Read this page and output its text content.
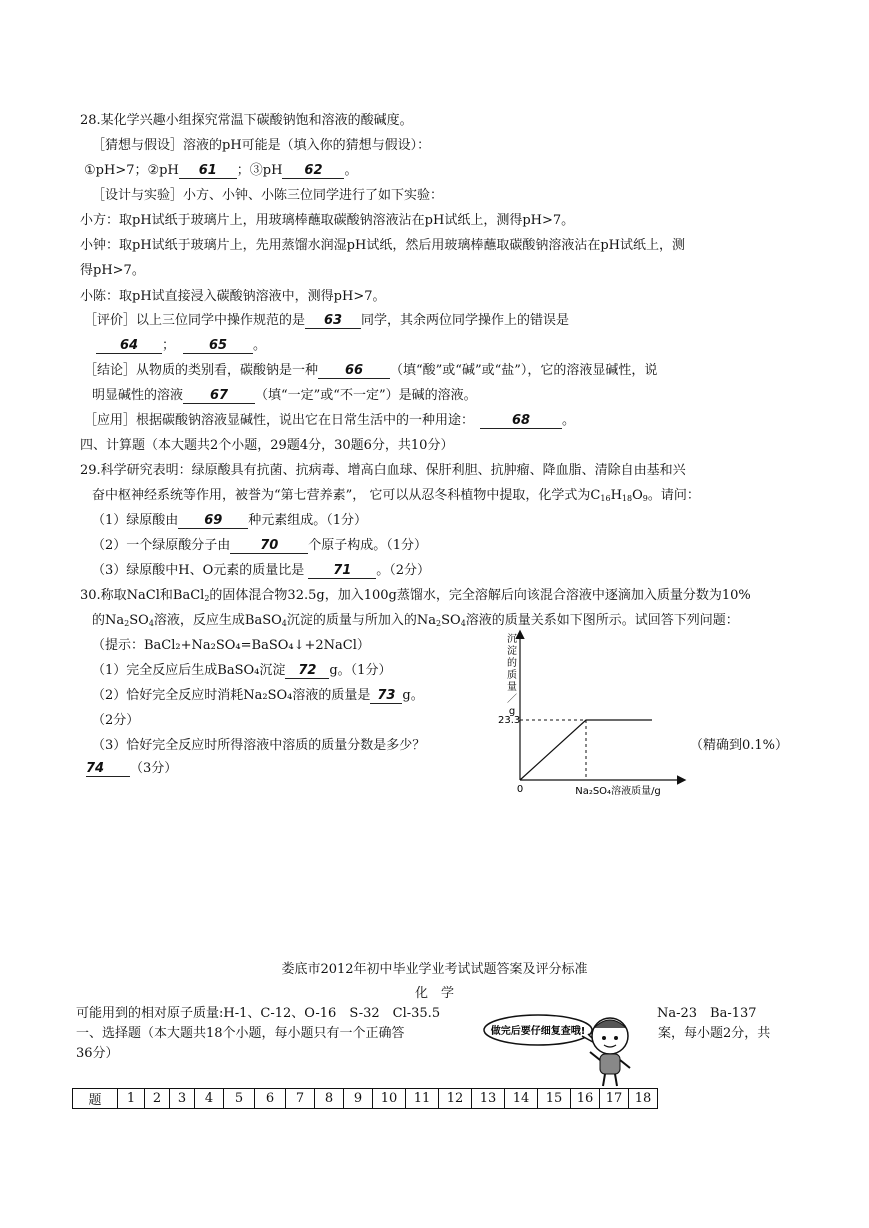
28.某化学兴趣小组探究常温下碳酸钠饱和溶液的酸碱度。
［猜想与假设］溶液的pH可能是（填入你的猜想与假设）：
①pH>7；②pH 61 ；③pH 62 。
［设计与实验］小方、小钟、小陈三位同学进行了如下实验：
小方：取pH试纸于玻璃片上，用玻璃棒蘸取碳酸钠溶液沾在pH试纸上，测得pH>7。
小钟：取pH试纸于玻璃片上，先用蒸馏水润湿pH试纸，然后用玻璃棒蘸取碳酸钠溶液沾在pH试纸上，测
得pH>7。
小陈：取pH试直接浸入碳酸钠溶液中，测得pH>7。
［评价］以上三位同学中操作规范的是 63 同学，其余两位同学操作上的错误是
64 ；	65 。
［结论］从物质的类别看，碳酸钠是一种 66 （填“酸”或“碱”或“盐”），它的溶液显碱性，说
明显碱性的溶液 67 （填“一定”或“不一定”）是碱的溶液。
［应用］根据碳酸钠溶液显碱性，说出它在日常生活中的一种用途：	68 。
四、计算题（本大题共2个小题，29题4分，30题6分，共10分）
29.科学研究表明：绿原酸具有抗菌、抗病毒、增高白血球、保肝利胆、抗肿瘤、降血脂、清除自由基和兴
奋中枢神经系统等作用，被誉为“第七营养素”， 它可以从忍冬科植物中提取，化学式为$C_{16}H_{18}O_9$。请问：
（1）绿原酸由 69 种元素组成。（1分）
（2）一个绿原酸分子由 70 个原子构成。（1分）
（3）绿原酸中H、O元素的质量比是 71 。（2分）
30.称取NaCl和BaCl$_2$的固体混合物32.5g，加入100g蒸馏水，完全溶解后向该混合溶液中逐滴加入质量分数为10%
的$Na_2SO_4$溶液，反应生成BaSO$_4$沉淀的质量与所加入的$Na_2SO_4$溶液的质量关系如下图所示。试回答下列问题：
（提示：BaCl₂+Na₂SO₄=BaSO₄↓+2NaCl）
（1）完全反应后生成BaSO₄沉淀 72 g。（1分）
（2）恰好完全反应时消耗Na₂SO₄溶液的质量是 73 g。
（2分）
（3）恰好完全反应时所得溶液中溶质的质量分数是多少？	（精确到0.1%）
74 （3分）
沉淀的质量／ g
Na₂SO₄溶液质量/g
0
23.3
娄底市2012年初中毕业学业考试试题答案及评分标准
化　学
可能用到的相对原子质量:H-1、C-12、O-16　S-32　Cl-35.5	Na-23　Ba-137
一、选择题（本大题共18个小题，每小题只有一个正确答	案，每小题2分，共
36分）
做完后要仔细复查哦!
题	1	2	3	4	5	6	7	8	9	10	11	12	13	14	15	16	17	18
